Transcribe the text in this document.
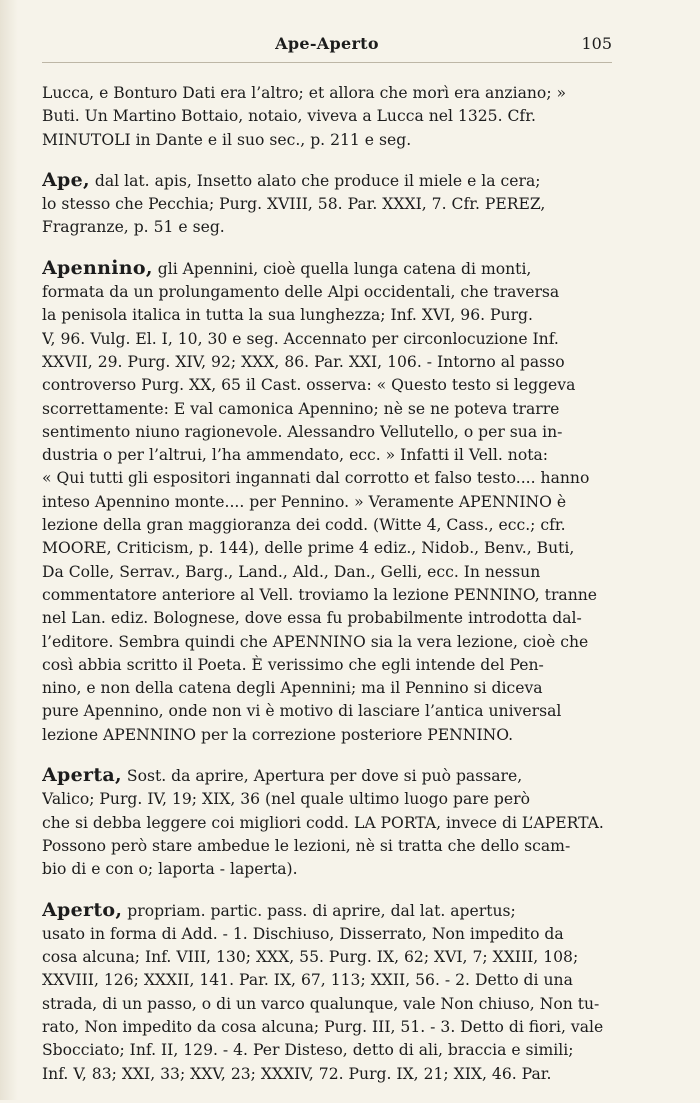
Ape-Aperto	105

Lucca, e Bonturo Dati era l’altro; et allora che morì era anziano; »
Buti. Un Martino Bottaio, notaio, viveva a Lucca nel 1325. Cfr.
MINUTOLI in Dante e il suo sec., p. 211 e seg.

Ape, dal lat. apis, Insetto alato che produce il miele e la cera;
lo stesso che Pecchia; Purg. XVIII, 58. Par. XXXI, 7. Cfr. PEREZ,
Fragranze, p. 51 e seg.

Apennino, gli Apennini, cioè quella lunga catena di monti,
formata da un prolungamento delle Alpi occidentali, che traversa
la penisola italica in tutta la sua lunghezza; Inf. XVI, 96. Purg.
V, 96. Vulg. El. I, 10, 30 e seg. Accennato per circonlocuzione Inf.
XXVII, 29. Purg. XIV, 92; XXX, 86. Par. XXI, 106. - Intorno al passo
controverso Purg. XX, 65 il Cast. osserva: « Questo testo si leggeva
scorrettamente: E val camonica Apennino; nè se ne poteva trarre
sentimento niuno ragionevole. Alessandro Vellutello, o per sua in-
dustria o per l’altrui, l’ha ammendato, ecc. » Infatti il Vell. nota:
« Qui tutti gli espositori ingannati dal corrotto et falso testo.... hanno
inteso Apennino monte.... per Pennino. » Veramente APENNINO è
lezione della gran maggioranza dei codd. (Witte 4, Cass., ecc.; cfr.
MOORE, Criticism, p. 144), delle prime 4 ediz., Nidob., Benv., Buti,
Da Colle, Serrav., Barg., Land., Ald., Dan., Gelli, ecc. In nessun
commentatore anteriore al Vell. troviamo la lezione PENNINO, tranne
nel Lan. ediz. Bolognese, dove essa fu probabilmente introdotta dal-
l’editore. Sembra quindi che APENNINO sia la vera lezione, cioè che
così abbia scritto il Poeta. È verissimo che egli intende del Pen-
nino, e non della catena degli Apennini; ma il Pennino si diceva
pure Apennino, onde non vi è motivo di lasciare l’antica universal
lezione APENNINO per la correzione posteriore PENNINO.

Aperta, Sost. da aprire, Apertura per dove si può passare,
Valico; Purg. IV, 19; XIX, 36 (nel quale ultimo luogo pare però
che si debba leggere coi migliori codd. LA PORTA, invece di L’APERTA.
Possono però stare ambedue le lezioni, nè si tratta che dello scam-
bio di e con o; laporta - laperta).

Aperto, propriam. partic. pass. di aprire, dal lat. apertus;
usato in forma di Add. - 1. Dischiuso, Disserrato, Non impedito da
cosa alcuna; Inf. VIII, 130; XXX, 55. Purg. IX, 62; XVI, 7; XXIII, 108;
XXVIII, 126; XXXII, 141. Par. IX, 67, 113; XXII, 56. - 2. Detto di una
strada, di un passo, o di un varco qualunque, vale Non chiuso, Non tu-
rato, Non impedito da cosa alcuna; Purg. III, 51. - 3. Detto di fiori, vale
Sbocciato; Inf. II, 129. - 4. Per Disteso, detto di ali, braccia e simili;
Inf. V, 83; XXI, 33; XXV, 23; XXXIV, 72. Purg. IX, 21; XIX, 46. Par.
